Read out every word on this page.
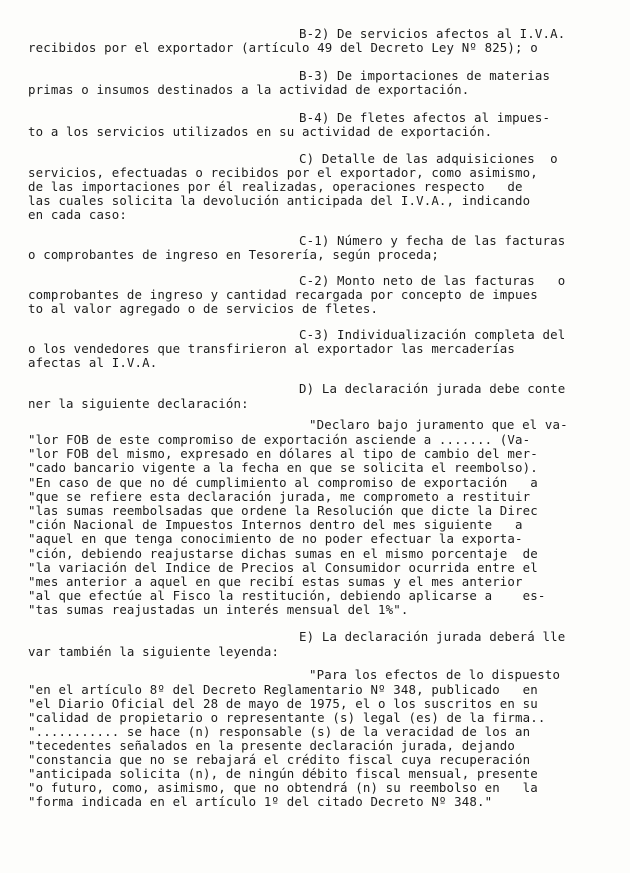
B-2) De servicios afectos al I.V.A.
recibidos por el exportador (artículo 49 del Decreto Ley Nº 825); o
B-3) De importaciones de materias
primas o insumos destinados a la actividad de exportación.
B-4) De fletes afectos al impues-
to a los servicios utilizados en su actividad de exportación.
C) Detalle de las adquisiciones  o
servicios, efectuadas o recibidos por el exportador, como asimismo,
de las importaciones por él realizadas, operaciones respecto   de
las cuales solicita la devolución anticipada del I.V.A., indicando
en cada caso:
C-1) Número y fecha de las facturas
o comprobantes de ingreso en Tesorería, según proceda;
C-2) Monto neto de las facturas   o
comprobantes de ingreso y cantidad recargada por concepto de impues
to al valor agregado o de servicios de fletes.
C-3) Individualización completa del
o los vendedores que transfirieron al exportador las mercaderías
afectas al I.V.A.
D) La declaración jurada debe conte
ner la siguiente declaración:
"Declaro bajo juramento que el va-
"lor FOB de este compromiso de exportación asciende a ....... (Va-
"lor FOB del mismo, expresado en dólares al tipo de cambio del mer-
"cado bancario vigente a la fecha en que se solicita el reembolso).
"En caso de que no dé cumplimiento al compromiso de exportación   a
"que se refiere esta declaración jurada, me comprometo a restituir
"las sumas reembolsadas que ordene la Resolución que dicte la Direc
"ción Nacional de Impuestos Internos dentro del mes siguiente   a
"aquel en que tenga conocimiento de no poder efectuar la exporta-
"ción, debiendo reajustarse dichas sumas en el mismo porcentaje  de
"la variación del Indice de Precios al Consumidor ocurrida entre el
"mes anterior a aquel en que recibí estas sumas y el mes anterior
"al que efectúe al Fisco la restitución, debiendo aplicarse a    es-
"tas sumas reajustadas un interés mensual del 1%".
E) La declaración jurada deberá lle
var también la siguiente leyenda:
"Para los efectos de lo dispuesto
"en el artículo 8º del Decreto Reglamentario Nº 348, publicado   en
"el Diario Oficial del 28 de mayo de 1975, el o los suscritos en su
"calidad de propietario o representante (s) legal (es) de la firma..
"........... se hace (n) responsable (s) de la veracidad de los an
"tecedentes señalados en la presente declaración jurada, dejando
"constancia que no se rebajará el crédito fiscal cuya recuperación
"anticipada solicita (n), de ningún débito fiscal mensual, presente
"o futuro, como, asimismo, que no obtendrá (n) su reembolso en   la
"forma indicada en el artículo 1º del citado Decreto Nº 348."
